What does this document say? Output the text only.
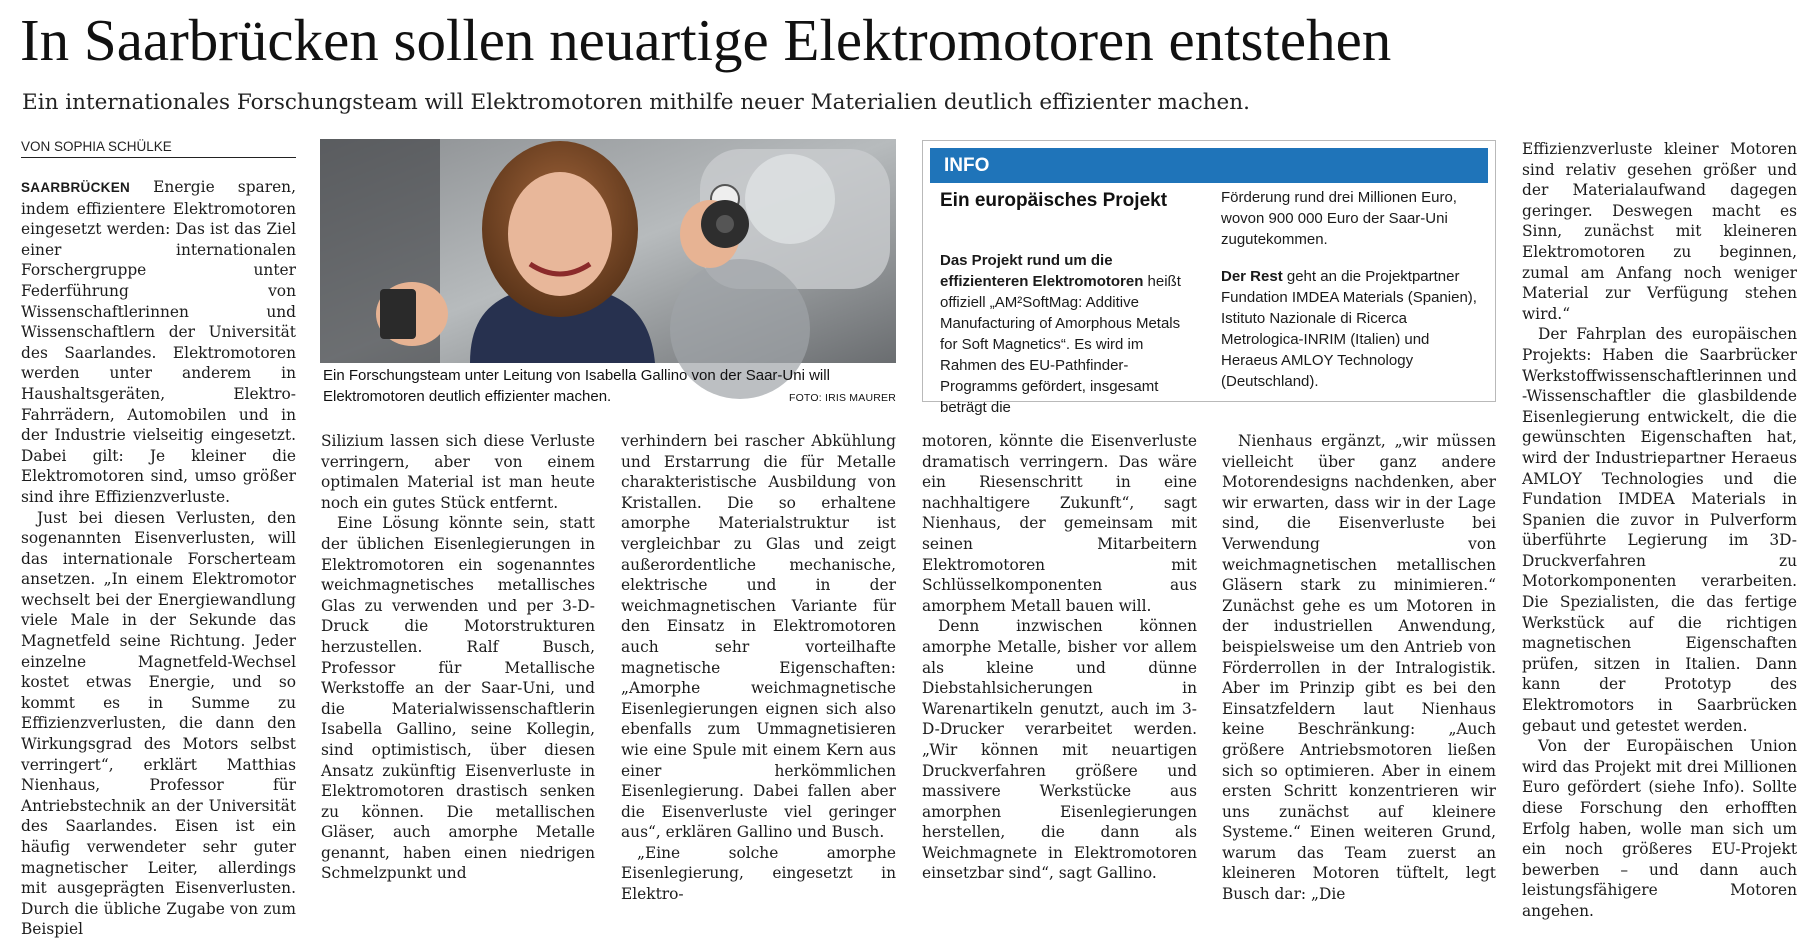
In Saarbrücken sollen neuartige Elektromotoren entstehen

Ein internationales Forschungsteam will Elektromotoren mithilfe neuer Materialien deutlich effizienter machen.

VON SOPHIA SCHÜLKE

SAARBRÜCKEN Energie sparen, indem effizientere Elektromotoren eingesetzt werden: Das ist das Ziel einer internationalen Forschergruppe unter Federführung von Wissenschaftlerinnen und Wissenschaftlern der Universität des Saarlandes. Elektromotoren werden unter anderem in Haushaltsgeräten, Elektro-Fahrrädern, Automobilen und in der Industrie vielseitig eingesetzt. Dabei gilt: Je kleiner die Elektromotoren sind, umso größer sind ihre Effizienzverluste.

Just bei diesen Verlusten, den sogenannten Eisenverlusten, will das internationale Forscherteam ansetzen. „In einem Elektromotor wechselt bei der Energiewandlung viele Male in der Sekunde das Magnetfeld seine Richtung. Jeder einzelne Magnetfeld-Wechsel kostet etwas Energie, und so kommt es in Summe zu Effizienzverlusten, die dann den Wirkungsgrad des Motors selbst verringert“, erklärt Matthias Nienhaus, Professor für Antriebstechnik an der Universität des Saarlandes. Eisen ist ein häufig verwendeter sehr guter magnetischer Leiter, allerdings mit ausgeprägten Eisenverlusten. Durch die übliche Zugabe von zum Beispiel

Ein Forschungsteam unter Leitung von Isabella Gallino von der Saar-Uni will Elektromotoren deutlich effizienter machen.	FOTO: IRIS MAURER
INFO
Ein europäisches Projekt
Das Projekt rund um die effizienteren Elektromotoren heißt offiziell „AM²SoftMag: Additive Manufacturing of Amorphous Metals for Soft Magnetics“. Es wird im Rahmen des EU-Pathfinder-Programms gefördert, insgesamt beträgt die
Förderung rund drei Millionen Euro, wovon 900 000 Euro der Saar-Uni zugutekommen.
Der Rest geht an die Projektpartner Fundation IMDEA Materials (Spanien), Istituto Nazionale di Ricerca Metrologica-INRIM (Italien) und Heraeus AMLOY Technology (Deutschland).

Silizium lassen sich diese Verluste verringern, aber von einem optimalen Material ist man heute noch ein gutes Stück entfernt.

Eine Lösung könnte sein, statt der üblichen Eisenlegierungen in Elektromotoren ein sogenanntes weichmagnetisches metallisches Glas zu verwenden und per 3-D-Druck die Motorstrukturen herzustellen. Ralf Busch, Professor für Metallische Werkstoffe an der Saar-Uni, und die Materialwissenschaftlerin Isabella Gallino, seine Kollegin, sind optimistisch, über diesen Ansatz zukünftig Eisenverluste in Elektromotoren drastisch senken zu können. Die metallischen Gläser, auch amorphe Metalle genannt, haben einen niedrigen Schmelzpunkt und

verhindern bei rascher Abkühlung und Erstarrung die für Metalle charakteristische Ausbildung von Kristallen. Die so erhaltene amorphe Materialstruktur ist vergleichbar zu Glas und zeigt außerordentliche mechanische, elektrische und in der weichmagnetischen Variante für den Einsatz in Elektromotoren auch sehr vorteilhafte magnetische Eigenschaften: „Amorphe weichmagnetische Eisenlegierungen eignen sich also ebenfalls zum Ummagnetisieren wie eine Spule mit einem Kern aus einer herkömmlichen Eisenlegierung. Dabei fallen aber die Eisenverluste viel geringer aus“, erklären Gallino und Busch.

„Eine solche amorphe Eisenlegierung, eingesetzt in Elektro-

motoren, könnte die Eisenverluste dramatisch verringern. Das wäre ein Riesenschritt in eine nachhaltigere Zukunft“, sagt Nienhaus, der gemeinsam mit seinen Mitarbeitern Elektromotoren mit Schlüsselkomponenten aus amorphem Metall bauen will.

Denn inzwischen können amorphe Metalle, bisher vor allem als kleine und dünne Diebstahlsicherungen in Warenartikeln genutzt, auch im 3-D-Drucker verarbeitet werden. „Wir können mit neuartigen Druckverfahren größere und massivere Werkstücke aus amorphen Eisenlegierungen herstellen, die dann als Weichmagnete in Elektromotoren einsetzbar sind“, sagt Gallino.

Nienhaus ergänzt, „wir müssen vielleicht über ganz andere Motorendesigns nachdenken, aber wir erwarten, dass wir in der Lage sind, die Eisenverluste bei Verwendung von weichmagnetischen metallischen Gläsern stark zu minimieren.“ Zunächst gehe es um Motoren in der industriellen Anwendung, beispielsweise um den Antrieb von Förderrollen in der Intralogistik. Aber im Prinzip gibt es bei den Einsatzfeldern laut Nienhaus keine Beschränkung: „Auch größere Antriebsmotoren ließen sich so optimieren. Aber in einem ersten Schritt konzentrieren wir uns zunächst auf kleinere Systeme.“ Einen weiteren Grund, warum das Team zuerst an kleineren Motoren tüftelt, legt Busch dar: „Die

Effizienzverluste kleiner Motoren sind relativ gesehen größer und der Materialaufwand dagegen geringer. Deswegen macht es Sinn, zunächst mit kleineren Elektromotoren zu beginnen, zumal am Anfang noch weniger Material zur Verfügung stehen wird.“

Der Fahrplan des europäischen Projekts: Haben die Saarbrücker Werkstoffwissenschaftlerinnen und -Wissenschaftler die glasbildende Eisenlegierung entwickelt, die die gewünschten Eigenschaften hat, wird der Industriepartner Heraeus AMLOY Technologies und die Fundation IMDEA Materials in Spanien die zuvor in Pulverform überführte Legierung im 3D-Druckverfahren zu Motorkomponenten verarbeiten. Die Spezialisten, die das fertige Werkstück auf die richtigen magnetischen Eigenschaften prüfen, sitzen in Italien. Dann kann der Prototyp des Elektromotors in Saarbrücken gebaut und getestet werden.

Von der Europäischen Union wird das Projekt mit drei Millionen Euro gefördert (siehe Info). Sollte diese Forschung den erhofften Erfolg haben, wolle man sich um ein noch größeres EU-Projekt bewerben – und dann auch leistungsfähigere Motoren angehen.
